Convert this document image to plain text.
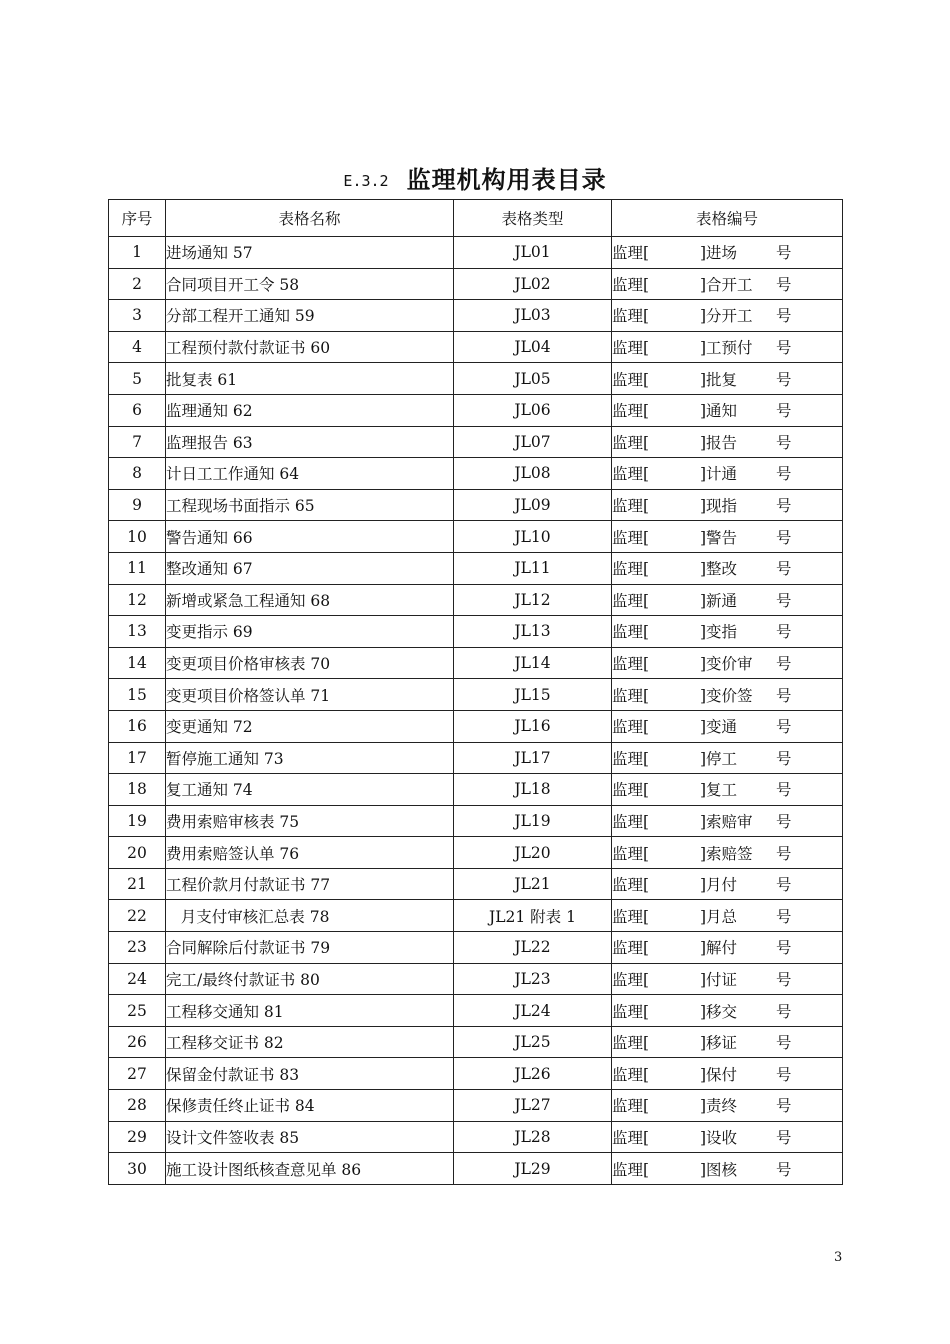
E.3.2 监理机构用表目录
序号	表格名称	表格类型	表格编号
1	进场通知 57	JL01	监理[ ]进场 号
2	合同项目开工令 58	JL02	监理[ ]合开工 号
3	分部工程开工通知 59	JL03	监理[ ]分开工 号
4	工程预付款付款证书 60	JL04	监理[ ]工预付 号
5	批复表 61	JL05	监理[ ]批复 号
6	监理通知 62	JL06	监理[ ]通知 号
7	监理报告 63	JL07	监理[ ]报告 号
8	计日工工作通知 64	JL08	监理[ ]计通 号
9	工程现场书面指示 65	JL09	监理[ ]现指 号
10	警告通知 66	JL10	监理[ ]警告 号
11	整改通知 67	JL11	监理[ ]整改 号
12	新增或紧急工程通知 68	JL12	监理[ ]新通 号
13	变更指示 69	JL13	监理[ ]变指 号
14	变更项目价格审核表 70	JL14	监理[ ]变价审 号
15	变更项目价格签认单 71	JL15	监理[ ]变价签 号
16	变更通知 72	JL16	监理[ ]变通 号
17	暂停施工通知 73	JL17	监理[ ]停工 号
18	复工通知 74	JL18	监理[ ]复工 号
19	费用索赔审核表 75	JL19	监理[ ]索赔审 号
20	费用索赔签认单 76	JL20	监理[ ]索赔签 号
21	工程价款月付款证书 77	JL21	监理[ ]月付 号
22	月支付审核汇总表 78	JL21 附表 1	监理[ ]月总 号
23	合同解除后付款证书 79	JL22	监理[ ]解付 号
24	完工/最终付款证书 80	JL23	监理[ ]付证 号
25	工程移交通知 81	JL24	监理[ ]移交 号
26	工程移交证书 82	JL25	监理[ ]移证 号
27	保留金付款证书 83	JL26	监理[ ]保付 号
28	保修责任终止证书 84	JL27	监理[ ]责终 号
29	设计文件签收表 85	JL28	监理[ ]设收 号
30	施工设计图纸核查意见单 86	JL29	监理[ ]图核 号
3
